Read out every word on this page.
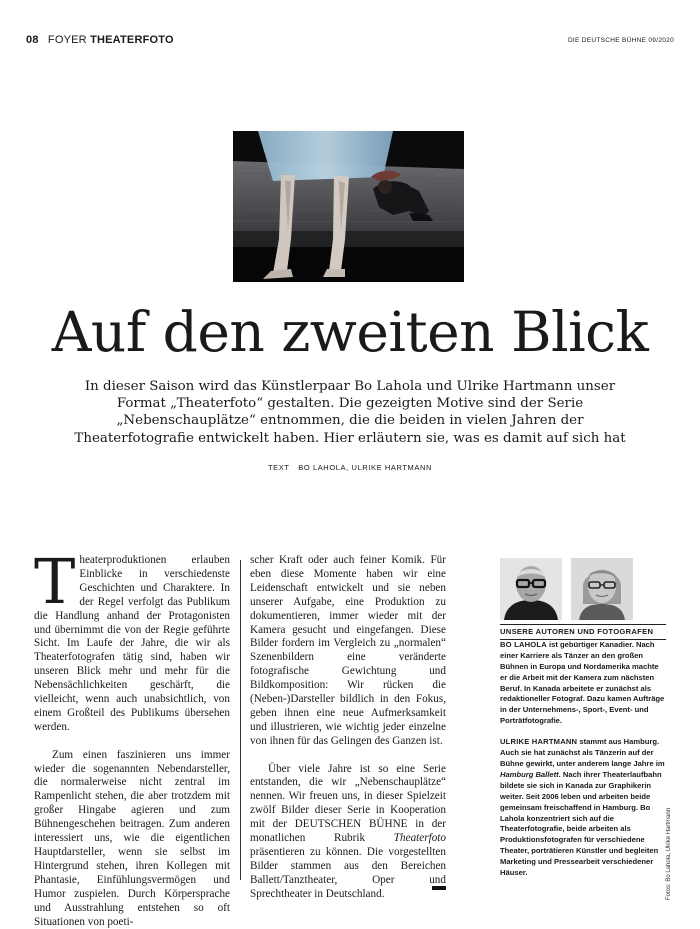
08 FOYER THEATERFOTO	DIE DEUTSCHE BÜHNE 09/2020
Auf den zweiten Blick

In dieser Saison wird das Künstlerpaar Bo Lahola und Ulrike Hartmann unser Format „Theaterfoto“ gestalten. Die gezeigten Motive sind der Serie „Nebenschauplätze“ entnommen, die die beiden in vielen Jahren der Theaterfotografie entwickelt haben. Hier erläutern sie, was es damit auf sich hat

TEXT BO LAHOLA, ULRIKE HARTMANN

Theaterproduktionen erlauben Einblicke in verschiedenste Geschichten und Charaktere. In der Regel verfolgt das Publikum die Handlung anhand der Protagonisten und übernimmt die von der Regie geführte Sicht. Im Laufe der Jahre, die wir als Theaterfotografen tätig sind, haben wir unseren Blick mehr und mehr für die Nebensächlichkeiten geschärft, die vielleicht, wenn auch unabsichtlich, von einem Großteil des Publikums übersehen werden.

Zum einen faszinieren uns immer wieder die sogenannten Nebendarsteller, die normalerweise nicht zentral im Rampenlicht stehen, die aber trotzdem mit großer Hingabe agieren und zum Bühnengeschehen beitragen. Zum anderen interessiert uns, wie die eigentlichen Hauptdarsteller, wenn sie selbst im Hintergrund stehen, ihren Kollegen mit Phantasie, Einfühlungsvermögen und Humor zuspielen. Durch Körpersprache und Ausstrahlung entstehen so oft Situationen von poeti-

scher Kraft oder auch feiner Komik. Für eben diese Momente haben wir eine Leidenschaft entwickelt und sie neben unserer Aufgabe, eine Produktion zu dokumentieren, immer wieder mit der Kamera gesucht und eingefangen. Diese Bilder fordern im Vergleich zu „normalen“ Szenenbildern eine veränderte fotografische Gewichtung und Bildkomposition: Wir rücken die (Neben-)Darsteller bildlich in den Fokus, geben ihnen eine neue Aufmerksamkeit und illustrieren, wie wichtig jeder einzelne von ihnen für das Gelingen des Ganzen ist.

Über viele Jahre ist so eine Serie entstanden, die wir „Nebenschauplätze“ nennen. Wir freuen uns, in dieser Spielzeit zwölf Bilder dieser Serie in Kooperation mit der DEUTSCHEN BÜHNE in der monatlichen Rubrik Theaterfoto präsentieren zu können. Die vorgestellten Bilder stammen aus den Bereichen Ballett/Tanztheater, Oper und Sprechtheater in Deutschland.

UNSERE AUTOREN UND FOTOGRAFEN

BO LAHOLA ist gebürtiger Kanadier. Nach einer Karriere als Tänzer an den großen Bühnen in Europa und Nordamerika machte er die Arbeit mit der Kamera zum nächsten Beruf. In Kanada arbeitete er zunächst als redaktioneller Fotograf. Dazu kamen Aufträge in der Unternehmens-, Sport-, Event- und Porträtfotografie.

ULRIKE HARTMANN stammt aus Hamburg. Auch sie hat zunächst als Tänzerin auf der Bühne gewirkt, unter anderem lange Jahre im Hamburg Ballett. Nach ihrer Theaterlaufbahn bildete sie sich in Kanada zur Graphikerin weiter. Seit 2006 leben und arbeiten beide gemeinsam freischaffend in Hamburg. Bo Lahola konzentriert sich auf die Theaterfotografie, beide arbeiten als Produktionsfotografen für verschiedene Theater, porträtieren Künstler und begleiten Marketing und Pressearbeit verschiedener Häuser.	Fotos: Bo Lahola, Ulrike Hartmann
